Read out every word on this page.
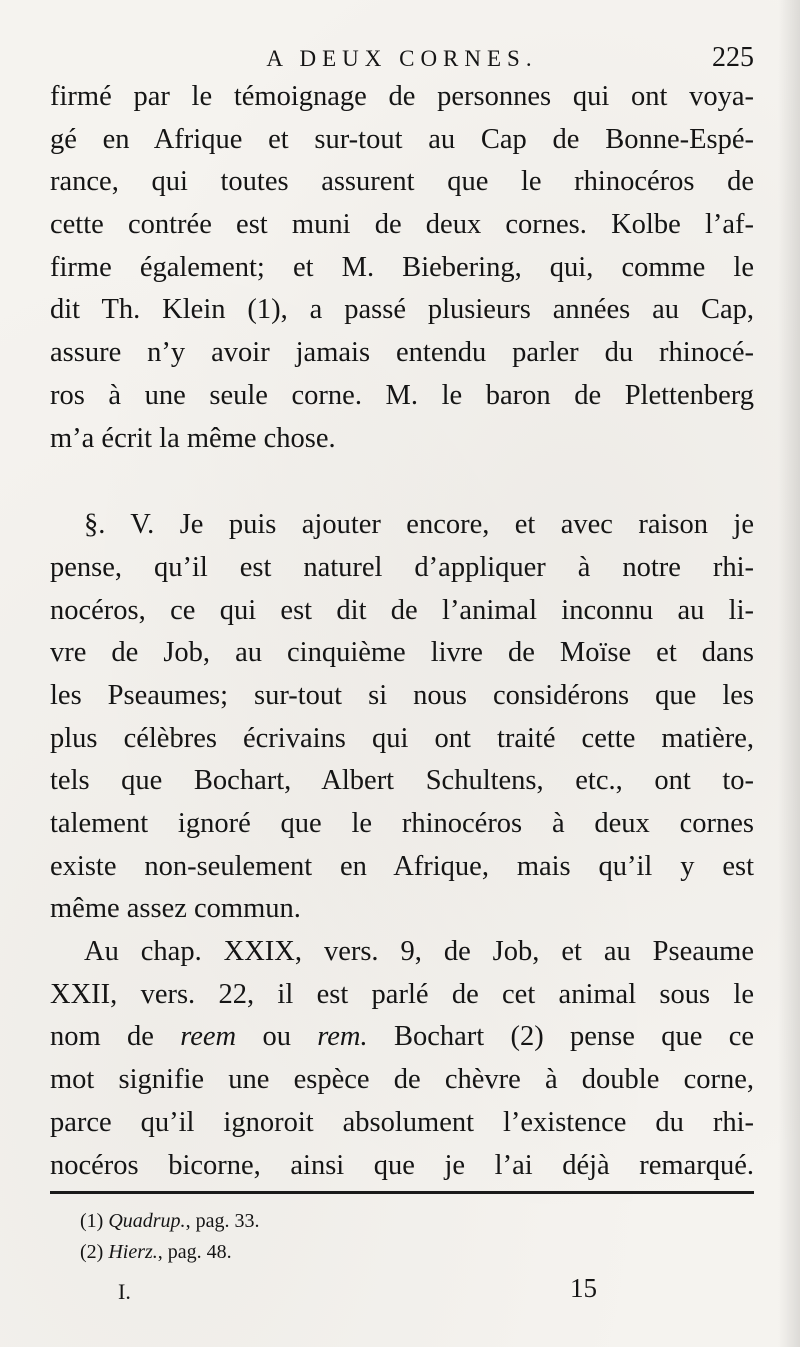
A DEUX CORNES.	225
firmé par le témoignage de personnes qui ont voya-
gé en Afrique et sur-tout au Cap de Bonne-Espé-
rance, qui toutes assurent que le rhinocéros de
cette contrée est muni de deux cornes. Kolbe l’af-
firme également; et M. Biebering, qui, comme le
dit Th. Klein (1), a passé plusieurs années au Cap,
assure n’y avoir jamais entendu parler du rhinocé-
ros à une seule corne. M. le baron de Plettenberg
m’a écrit la même chose.
§. V. Je puis ajouter encore, et avec raison je
pense, qu’il est naturel d’appliquer à notre rhi-
nocéros, ce qui est dit de l’animal inconnu au li-
vre de Job, au cinquième livre de Moïse et dans
les Pseaumes; sur-tout si nous considérons que les
plus célèbres écrivains qui ont traité cette matière,
tels que Bochart, Albert Schultens, etc., ont to-
talement ignoré que le rhinocéros à deux cornes
existe non-seulement en Afrique, mais qu’il y est
même assez commun.
Au chap. XXIX, vers. 9, de Job, et au Pseaume
XXII, vers. 22, il est parlé de cet animal sous le
nom de reem ou rem. Bochart (2) pense que ce
mot signifie une espèce de chèvre à double corne,
parce qu’il ignoroit absolument l’existence du rhi-
nocéros bicorne, ainsi que je l’ai déjà remarqué.
(1) Quadrup., pag. 33.
(2) Hierz., pag. 48.
I.	15
